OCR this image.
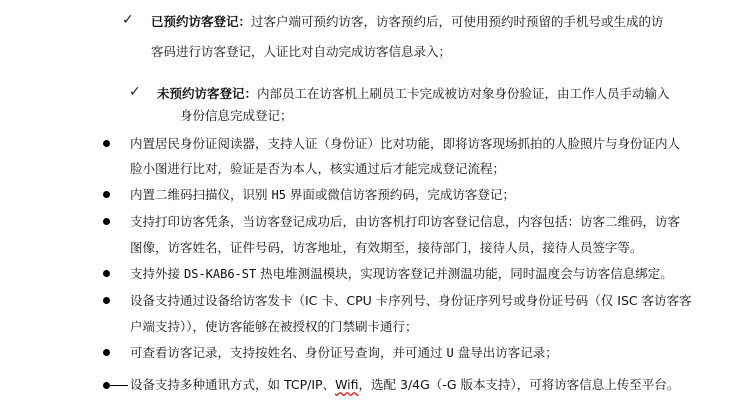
✓ 已预约访客登记：过客户端可预约访客，访客预约后，可使用预约时预留的手机号或生成的访
客码进行访客登记，人证比对自动完成访客信息录入；
✓ 未预约访客登记：内部员工在访客机上刷员工卡完成被访对象身份验证，由工作人员手动输入
身份信息完成登记；
内置居民身份证阅读器，支持人证（身份证）比对功能，即将访客现场抓拍的人脸照片与身份证内人
脸小图进行比对，验证是否为本人，核实通过后才能完成登记流程；
内置二维码扫描仪，识别 H5 界面或微信访客预约码，完成访客登记；
支持打印访客凭条，当访客登记成功后，由访客机打印访客登记信息，内容包括：访客二维码，访客
图像，访客姓名，证件号码，访客地址，有效期至，接待部门，接待人员，接待人员签字等。
支持外接 DS-KAB6-ST 热电堆测温模块，实现访客登记并测温功能，同时温度会与访客信息绑定。
设备支持通过设备给访客发卡（IC 卡、CPU 卡序列号、身份证序列号或身份证号码（仅 ISC 客访客客
户端支持）），使访客能够在被授权的门禁刷卡通行；
可查看访客记录，支持按姓名、身份证号查询，并可通过 U 盘导出访客记录；
设备支持多种通讯方式，如 TCP/IP、Wifi，选配 3/4G（-G 版本支持），可将访客信息上传至平台。
